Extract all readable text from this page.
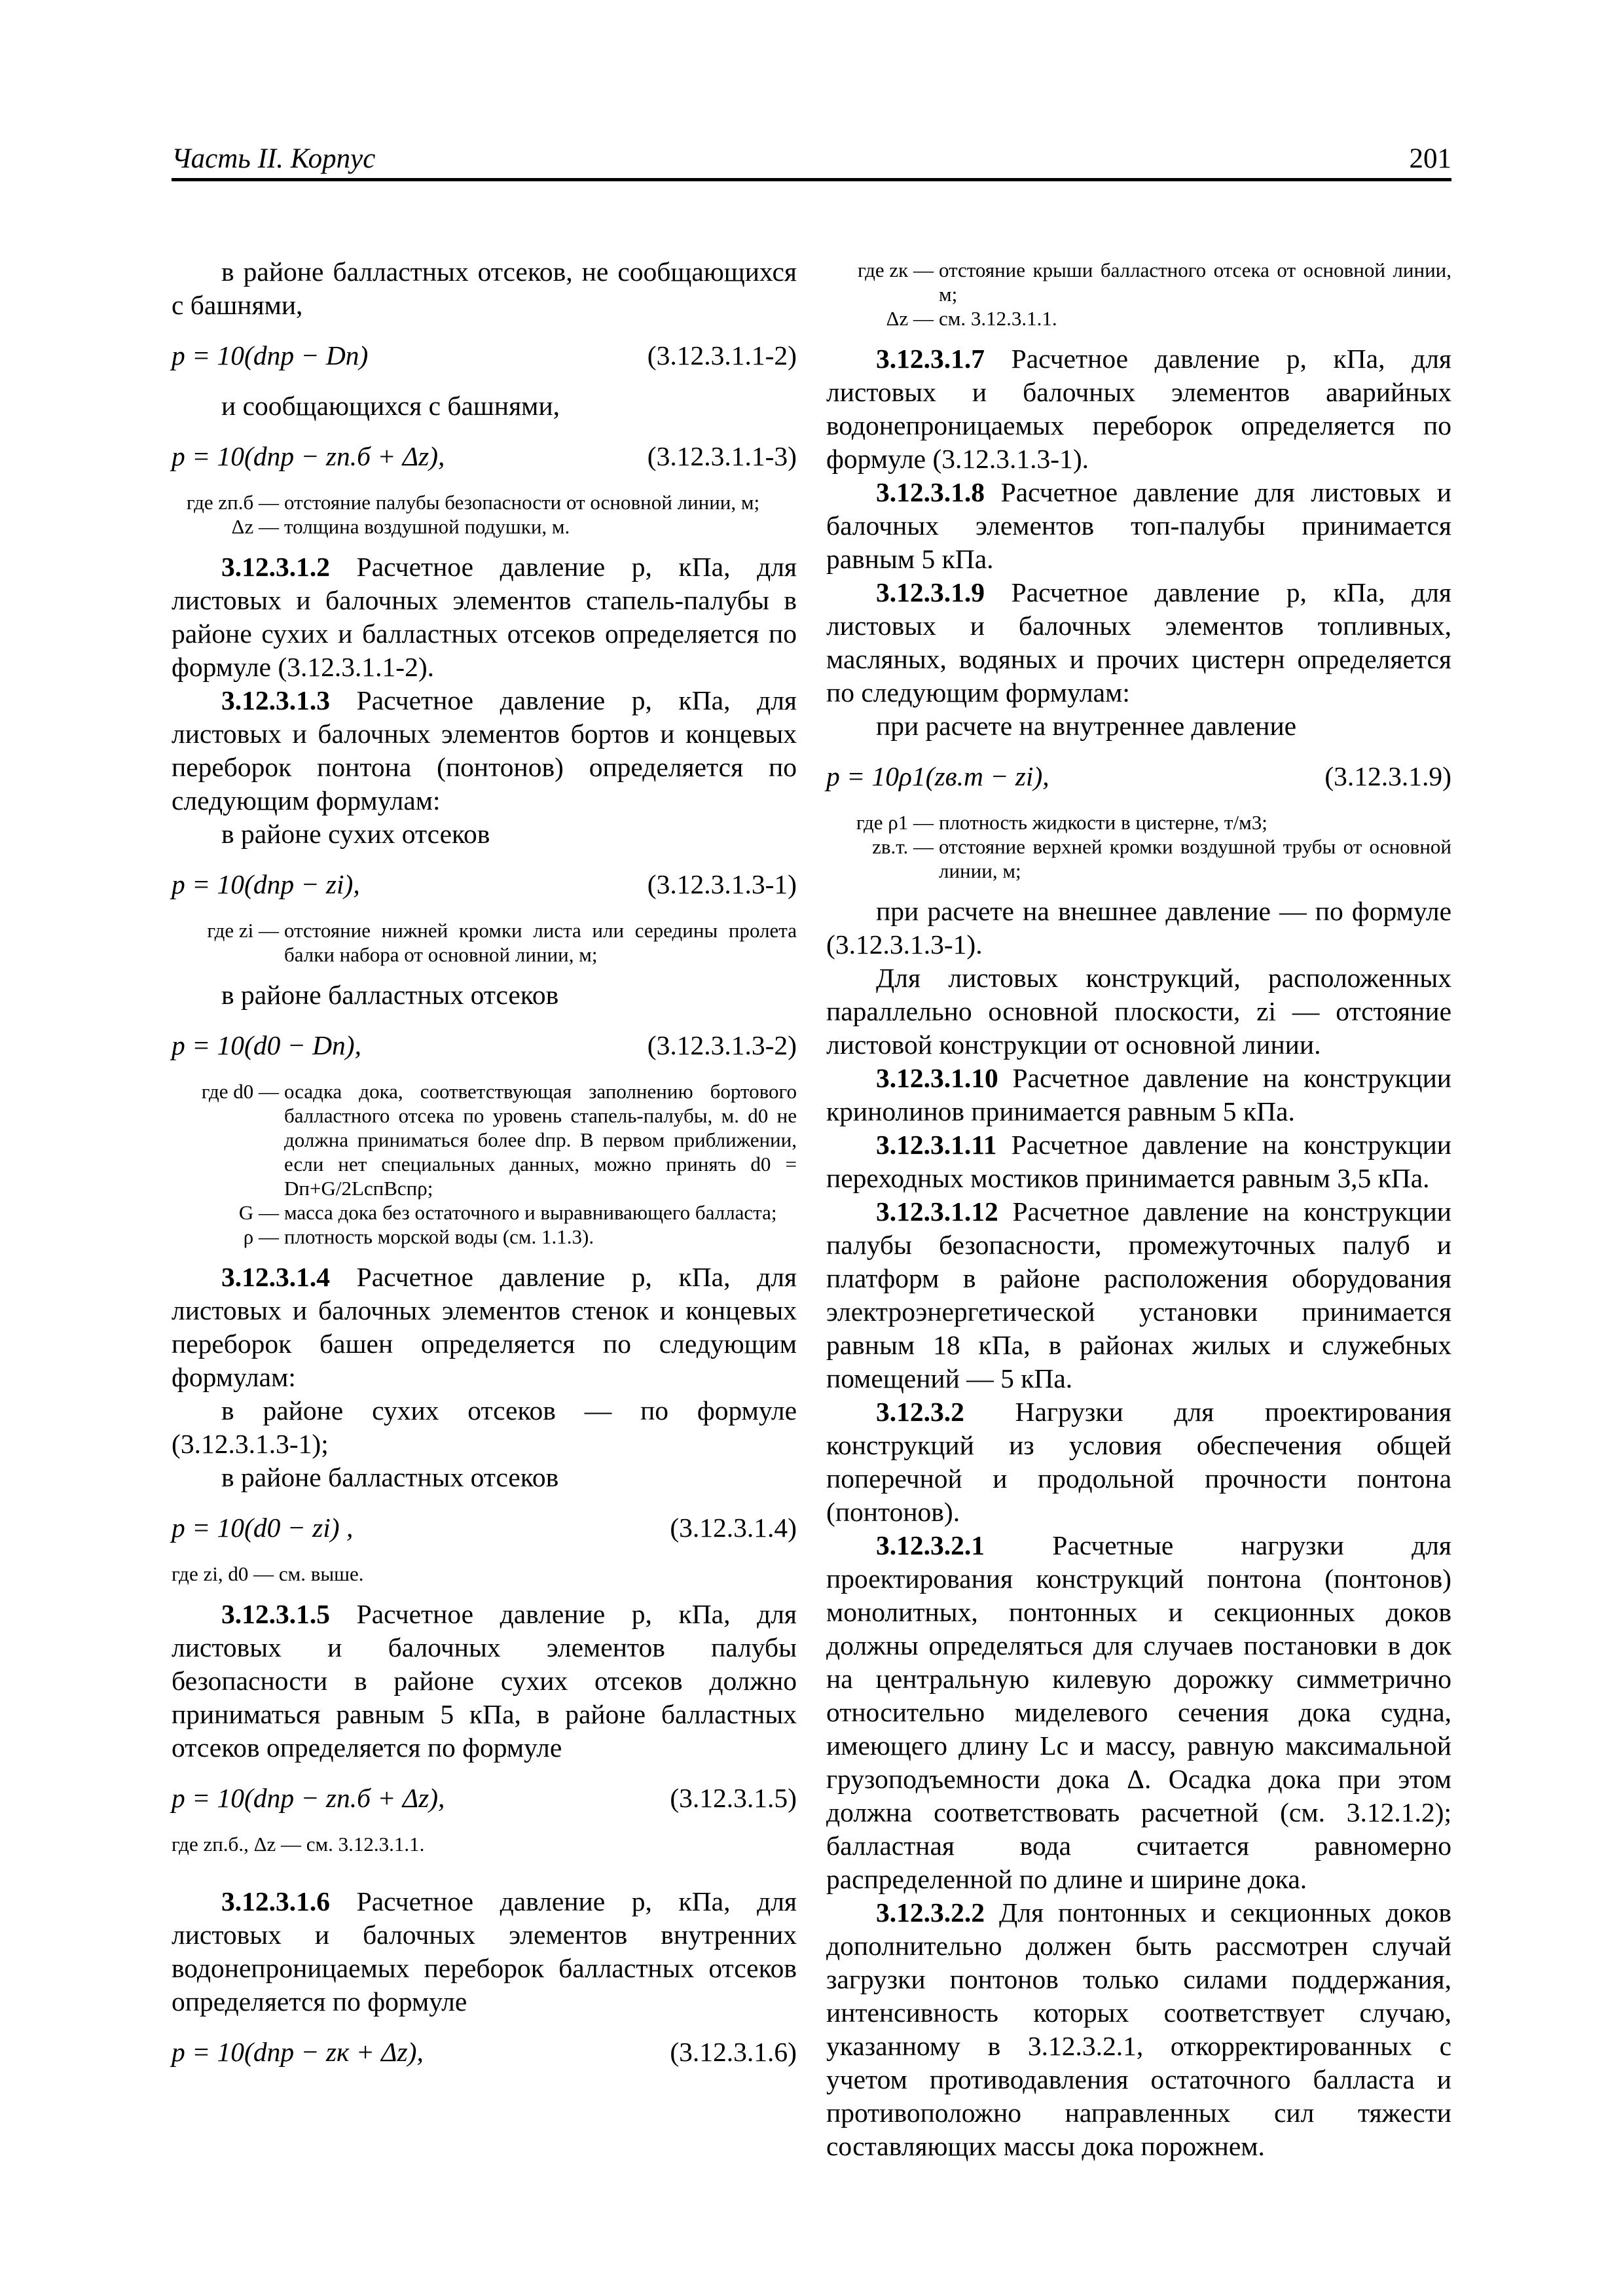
Часть II. Корпус	201

в районе балластных отсеков, не сообщающихся с башнями,

p = 10(dпр − Dп)	(3.12.3.1.1-2)

и сообщающихся с башнями,

p = 10(dпр − zп.б + Δz),	(3.12.3.1.1-3)
где zп.б — отстояние палубы безопасности от основной линии, м;
Δz — толщина воздушной подушки, м.

3.12.3.1.2 Расчетное давление p, кПа, для листовых и балочных элементов стапель-палубы в районе сухих и балластных отсеков определяется по формуле (3.12.3.1.1-2).

3.12.3.1.3 Расчетное давление p, кПа, для листовых и балочных элементов бортов и концевых переборок понтона (понтонов) определяется по следующим формулам:

в районе сухих отсеков

p = 10(dпр − zi),	(3.12.3.1.3-1)
где zi — отстояние нижней кромки листа или середины пролета балки набора от основной линии, м;

в районе балластных отсеков

p = 10(d0 − Dп),	(3.12.3.1.3-2)
где d0 — осадка дока, соответствующая заполнению бортового балластного отсека по уровень стапель-палубы, м. d0 не должна приниматься более dпр. В первом приближении, если нет специальных данных, можно принять d0 = Dп+G/2LспBспρ;
G — масса дока без остаточного и выравнивающего балласта;
ρ — плотность морской воды (см. 1.1.3).

3.12.3.1.4 Расчетное давление p, кПа, для листовых и балочных элементов стенок и концевых переборок башен определяется по следующим формулам:

в районе сухих отсеков — по формуле (3.12.3.1.3-1);

в районе балластных отсеков

p = 10(d0 − zi) ,	(3.12.3.1.4)
где zi, d0 — см. выше.

3.12.3.1.5 Расчетное давление p, кПа, для листовых и балочных элементов палубы безопасности в районе сухих отсеков должно приниматься равным 5 кПа, в районе балластных отсеков определяется по формуле

p = 10(dпр − zп.б + Δz),	(3.12.3.1.5)
где zп.б., Δz — см. 3.12.3.1.1.

3.12.3.1.6 Расчетное давление p, кПа, для листовых и балочных элементов внутренних водонепроницаемых переборок балластных отсеков определяется по формуле

p = 10(dпр − zк + Δz),	(3.12.3.1.6)
где zк — отстояние крыши балластного отсека от основной линии, м;
Δz — см. 3.12.3.1.1.

3.12.3.1.7 Расчетное давление p, кПа, для листовых и балочных элементов аварийных водонепроницаемых переборок определяется по формуле (3.12.3.1.3-1).

3.12.3.1.8 Расчетное давление для листовых и балочных элементов топ-палубы принимается равным 5 кПа.

3.12.3.1.9 Расчетное давление p, кПа, для листовых и балочных элементов топливных, масляных, водяных и прочих цистерн определяется по следующим формулам:

при расчете на внутреннее давление

p = 10ρ1(zв.т − zi),	(3.12.3.1.9)
где ρ1 — плотность жидкости в цистерне, т/м3;
zв.т. — отстояние верхней кромки воздушной трубы от основной линии, м;

при расчете на внешнее давление — по формуле (3.12.3.1.3-1).

Для листовых конструкций, расположенных параллельно основной плоскости, zi — отстояние листовой конструкции от основной линии.

3.12.3.1.10 Расчетное давление на конструкции кринолинов принимается равным 5 кПа.

3.12.3.1.11 Расчетное давление на конструкции переходных мостиков принимается равным 3,5 кПа.

3.12.3.1.12 Расчетное давление на конструкции палубы безопасности, промежуточных палуб и платформ в районе расположения оборудования электроэнергетической установки принимается равным 18 кПа, в районах жилых и служебных помещений — 5 кПа.

3.12.3.2 Нагрузки для проектирования конструкций из условия обеспечения общей поперечной и продольной прочности понтона (понтонов).

3.12.3.2.1 Расчетные нагрузки для проектирования конструкций понтона (понтонов) монолитных, понтонных и секционных доков должны определяться для случаев постановки в док на центральную килевую дорожку симметрично относительно миделевого сечения дока судна, имеющего длину Lс и массу, равную максимальной грузоподъемности дока Δ. Осадка дока при этом должна соответствовать расчетной (см. 3.12.1.2); балластная вода считается равномерно распределенной по длине и ширине дока.

3.12.3.2.2 Для понтонных и секционных доков дополнительно должен быть рассмотрен случай загрузки понтонов только силами поддержания, интенсивность которых соответствует случаю, указанному в 3.12.3.2.1, откорректированных с учетом противодавления остаточного балласта и противоположно направленных сил тяжести составляющих массы дока порожнем.
